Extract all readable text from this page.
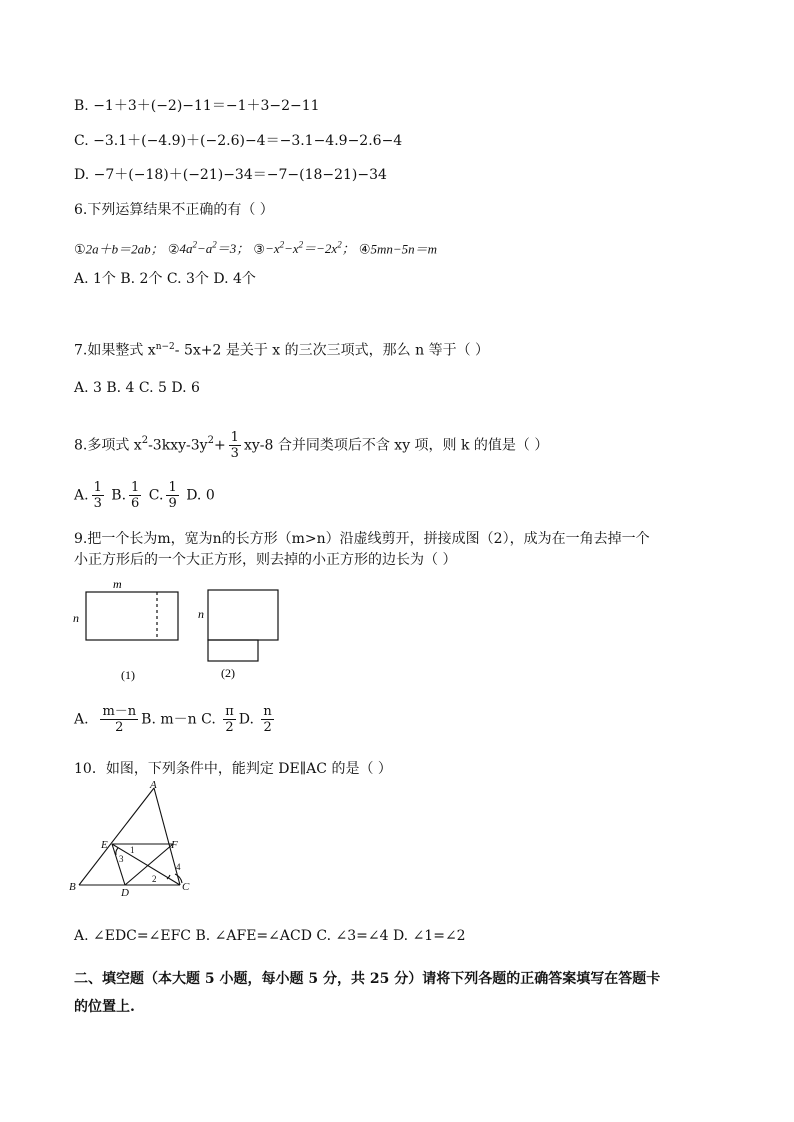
B. −1＋3＋(−2)−11＝−1＋3−2−11
C. −3.1＋(−4.9)＋(−2.6)−4＝−3.1−4.9−2.6−4
D. −7＋(−18)＋(−21)−34＝−7−(18−21)−34
6.下列运算结果不正确的有（ ）
①2a＋b＝2ab； $②4a^2-a^2=3$； $③-x^2-x^2=-2x^2$； ④5mn−5n＝m
A. 1个 B. 2个 C. 3个 D. 4个
7.如果整式 $x^{n-2}-$ 5x+2 是关于 x 的三次三项式，那么 n 等于（ ）
A. 3 B. 4 C. 5 D. 6
8.多项式 $x^2-3kxy-3y^2+ \frac{1}{3} xy-8$ 合并同类项后不含 xy 项，则 k 的值是（ ）
A. $\frac{1}{3} B$. $\frac{1}{6} C$. $\frac{1}{9} D$. 0
9.把一个长为m，宽为n的长方形（m>n）沿虚线剪开，拼接成图（2），成为在一角去掉一个
小正方形后的一个大正方形，则去掉的小正方形的边长为（ ）
m
n
(1)
n
(2)
A. $\frac{m-n}{2} B$. m－n C. $\frac{\pi}{2} D$. $\frac{n}{2}$
10．如图，下列条件中，能判定 DE∥AC 的是（ ）
A
E	F
B	D	C
1
3
2
4
A. ∠EDC=∠EFC B. ∠AFE=∠ACD C. ∠3=∠4 D. ∠1=∠2
二、填空题（本大题 5 小题，每小题 5 分，共 25 分）请将下列各题的正确答案填写在答题卡
的位置上.
